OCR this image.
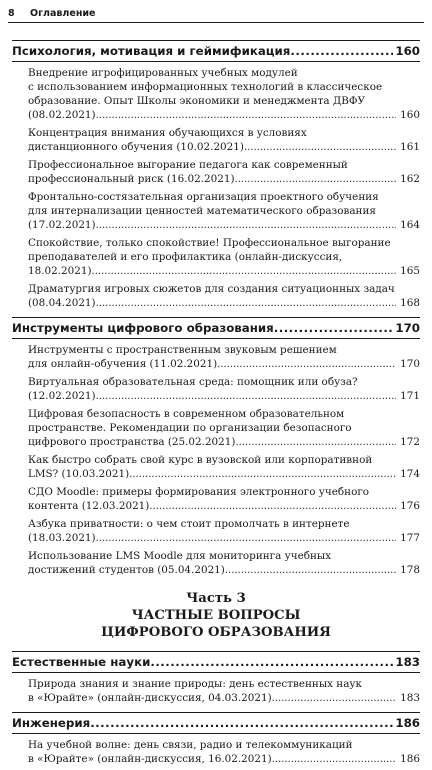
8 Оглавление
Психология, мотивация и геймификация .....	160
Внедрение игрофицированных учебных модулей
с использованием информационных технологий в классическое
образование. Опыт Школы экономики и менеджмента ДВФУ
(08.02.2021) .....	160
Концентрация внимания обучающихся в условиях
дистанционного обучения (10.02.2021) .....	161
Профессиональное выгорание педагога как современный
профессиональный риск (16.02.2021) .....	162
Фронтально-состязательная организация проектного обучения
для интернализации ценностей математического образования
(17.02.2021) .....	164
Спокойствие, только спокойствие! Профессиональное выгорание
преподавателей и его профилактика (онлайн-дискуссия,
18.02.2021) .....	165
Драматургия игровых сюжетов для создания ситуационных задач
(08.04.2021) .....	168
Инструменты цифрового образования .....	170
Инструменты с пространственным звуковым решением
для онлайн-обучения (11.02.2021) .....	170
Виртуальная образовательная среда: помощник или обуза?
(12.02.2021) .....	171
Цифровая безопасность в современном образовательном
пространстве. Рекомендации по организации безопасного
цифрового пространства (25.02.2021) .....	172
Как быстро собрать свой курс в вузовской или корпоративной
LMS? (10.03.2021) .....	174
СДО Moodle: примеры формирования электронного учебного
контента (12.03.2021) .....	176
Азбука приватности: о чем стоит промолчать в интернете
(18.03.2021) .....	177
Использование LMS Moodle для мониторинга учебных
достижений студентов (05.04.2021) .....	178
Часть 3
ЧАСТНЫЕ ВОПРОСЫ
ЦИФРОВОГО ОБРАЗОВАНИЯ
Естественные науки .....	183
Природа знания и знание природы: день естественных наук
в «Юрайте» (онлайн-дискуссия, 04.03.2021) .....	183
Инженерия .....	186
На учебной волне: день связи, радио и телекоммуникаций
в «Юрайте» (онлайн-дискуссия, 16.02.2021) .....	186
